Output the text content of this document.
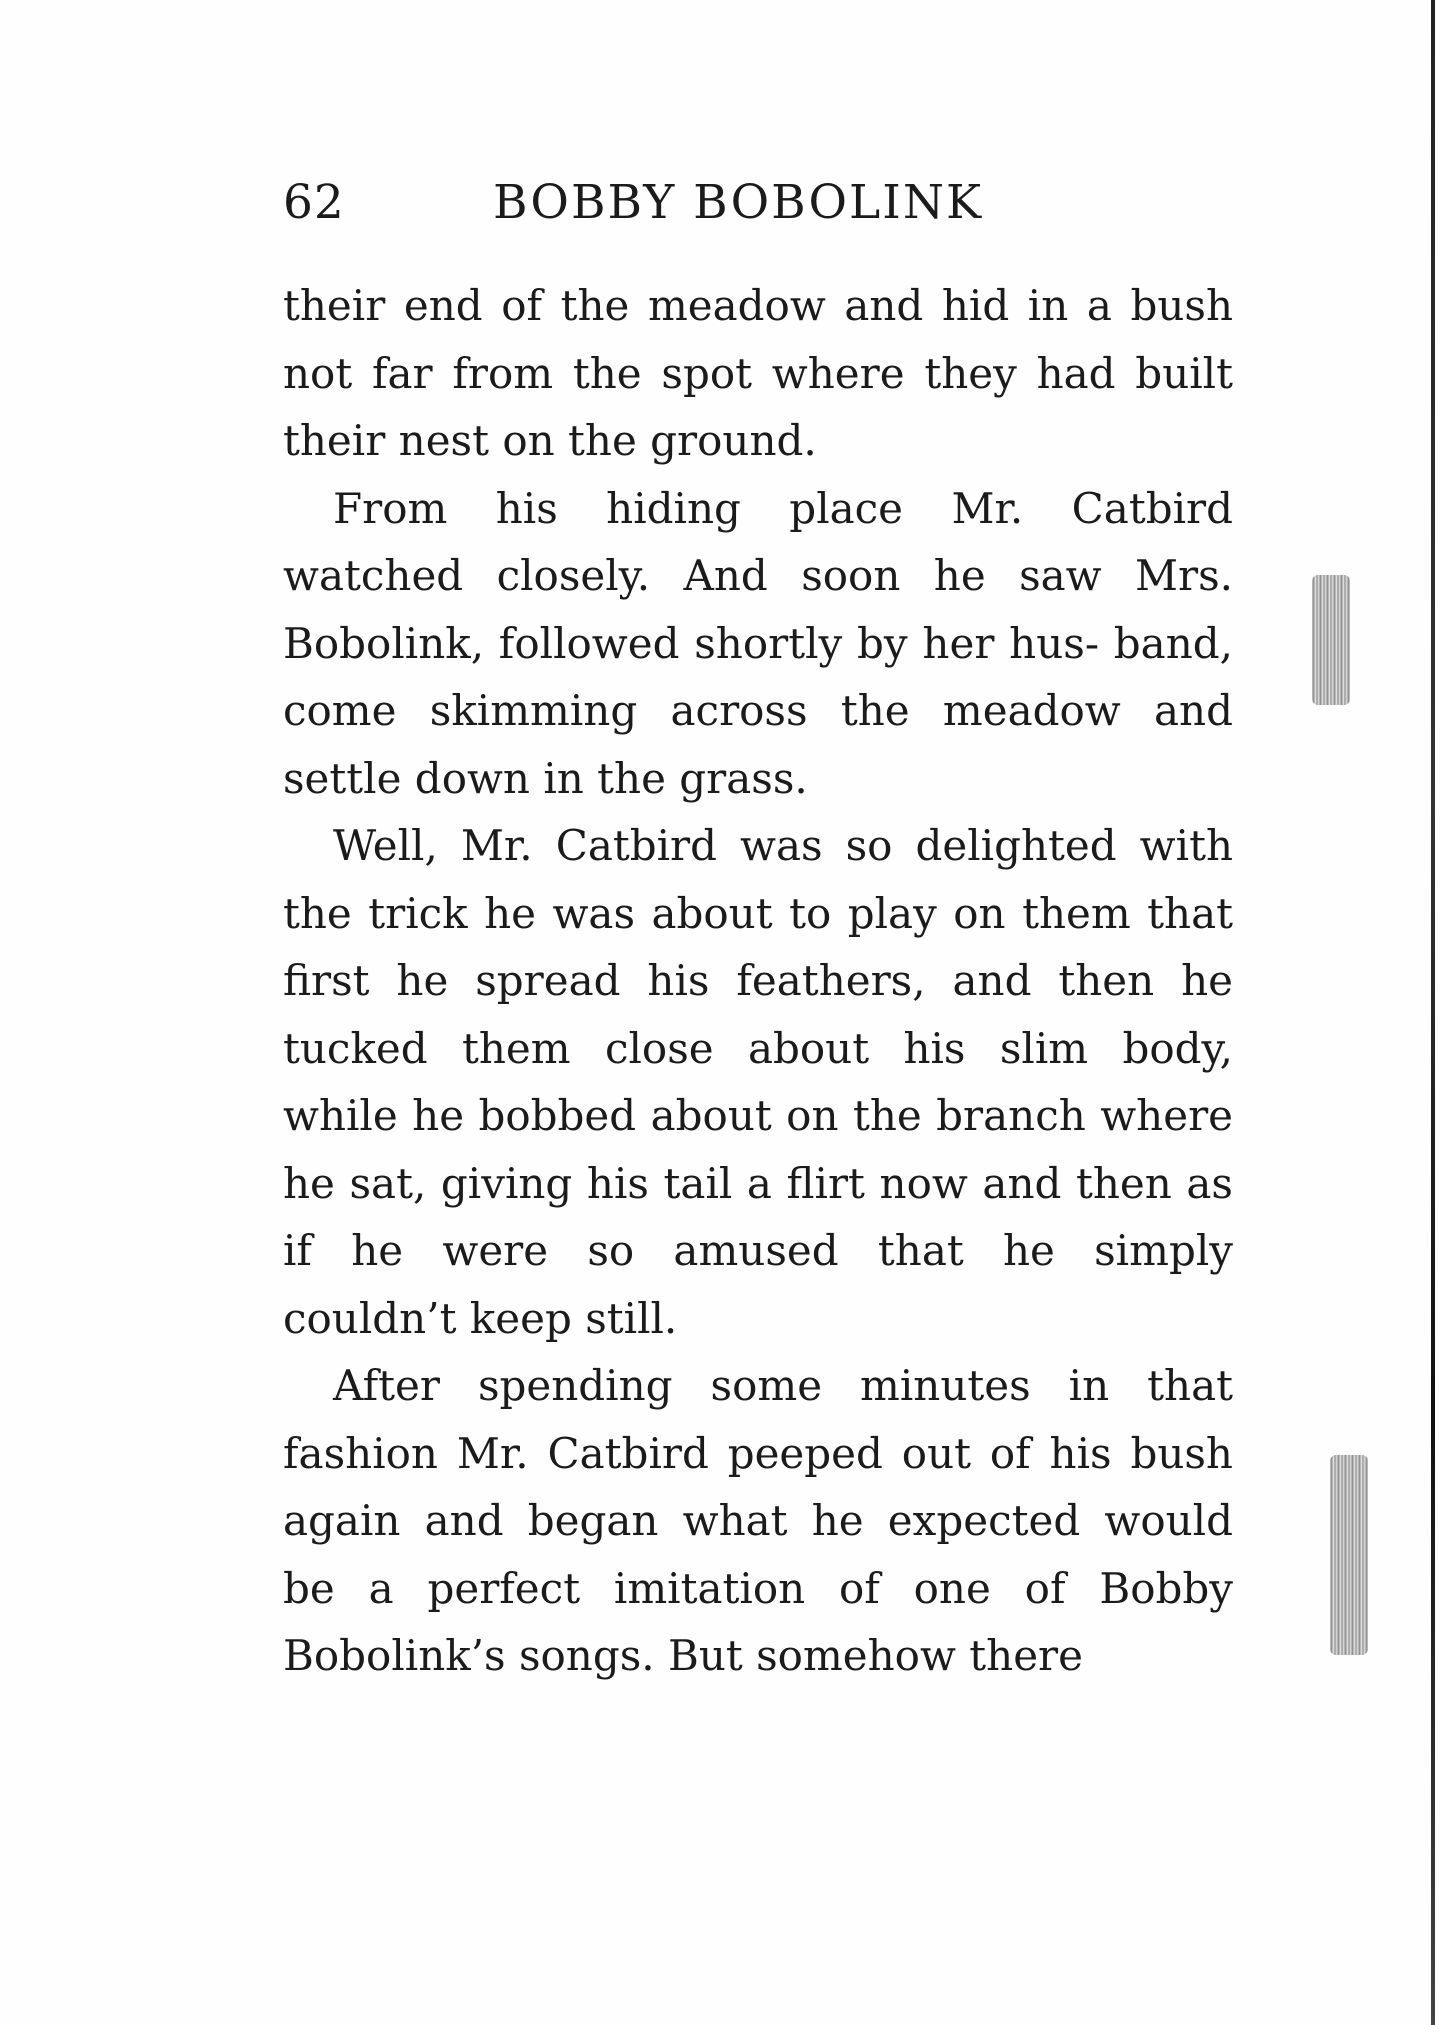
62	BOBBY BOBOLINK

their end of the meadow and hid in a bush not far from the spot where they had built their nest on the ground.

From his hiding place Mr. Catbird watched closely. And soon he saw Mrs. Bobolink, followed shortly by her hus- band, come skimming across the meadow and settle down in the grass.

Well, Mr. Catbird was so delighted with the trick he was about to play on them that first he spread his feathers, and then he tucked them close about his slim body, while he bobbed about on the branch where he sat, giving his tail a flirt now and then as if he were so amused that he simply couldn’t keep still.

After spending some minutes in that fashion Mr. Catbird peeped out of his bush again and began what he expected would be a perfect imitation of one of Bobby Bobolink’s songs. But somehow there
